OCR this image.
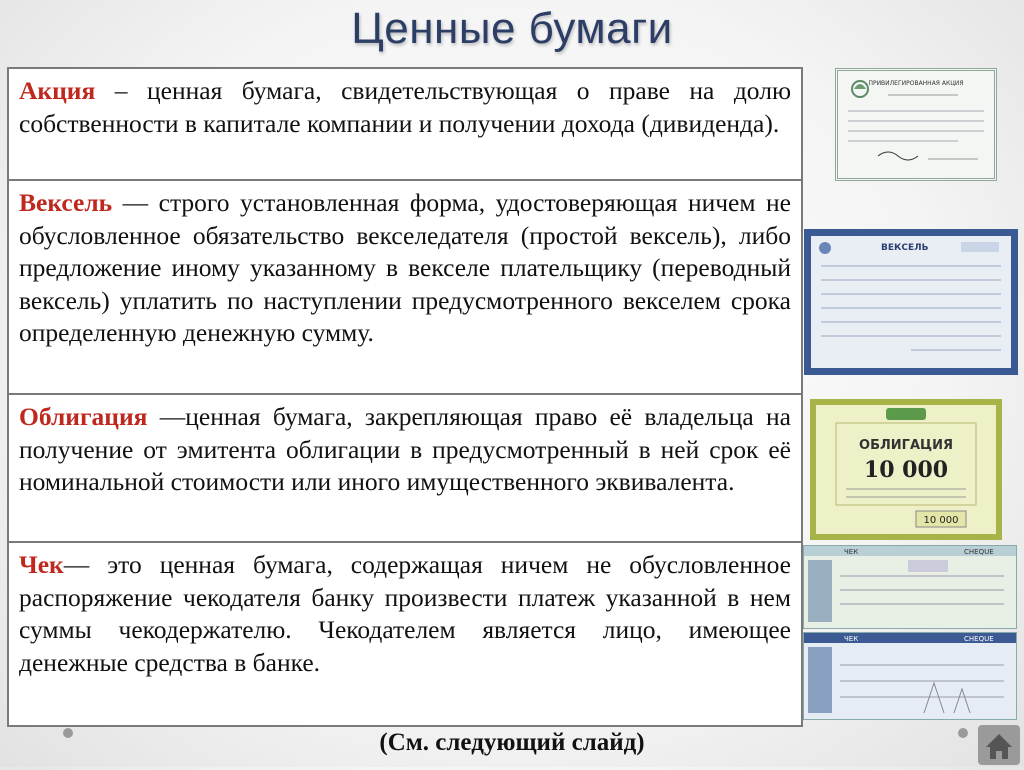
Ценные бумаги
Акция – ценная бумага, свидетельствующая о праве на долю собственности в капитале компании и получении дохода (дивиденда).
Вексель — строго установленная форма, удостоверяющая ничем не обусловленное обязательство векселедателя (простой вексель), либо предложение иному указанному в векселе плательщику (переводный вексель) уплатить по наступлении предусмотренного векселем срока определенную денежную сумму.
Облигация —ценная бумага, закрепляющая право её владельца на получение от эмитента облигации в предусмотренный в ней срок её номинальной стоимости или иного имущественного эквивалента.
Чек— это ценная бумага, содержащая ничем не обусловленное распоряжение чекодателя банку произвести платеж указанной в нем суммы чекодержателю. Чекодателем является лицо, имеющее денежные средства в банке.
ПРИВИЛЕГИРОВАННАЯ АКЦИЯ
ВЕКСЕЛЬ
ОБЛИГАЦИЯ
10 000
10 000
ЧЕК	CHEQUE
ЧЕК	CHEQUE
(См. следующий слайд)
